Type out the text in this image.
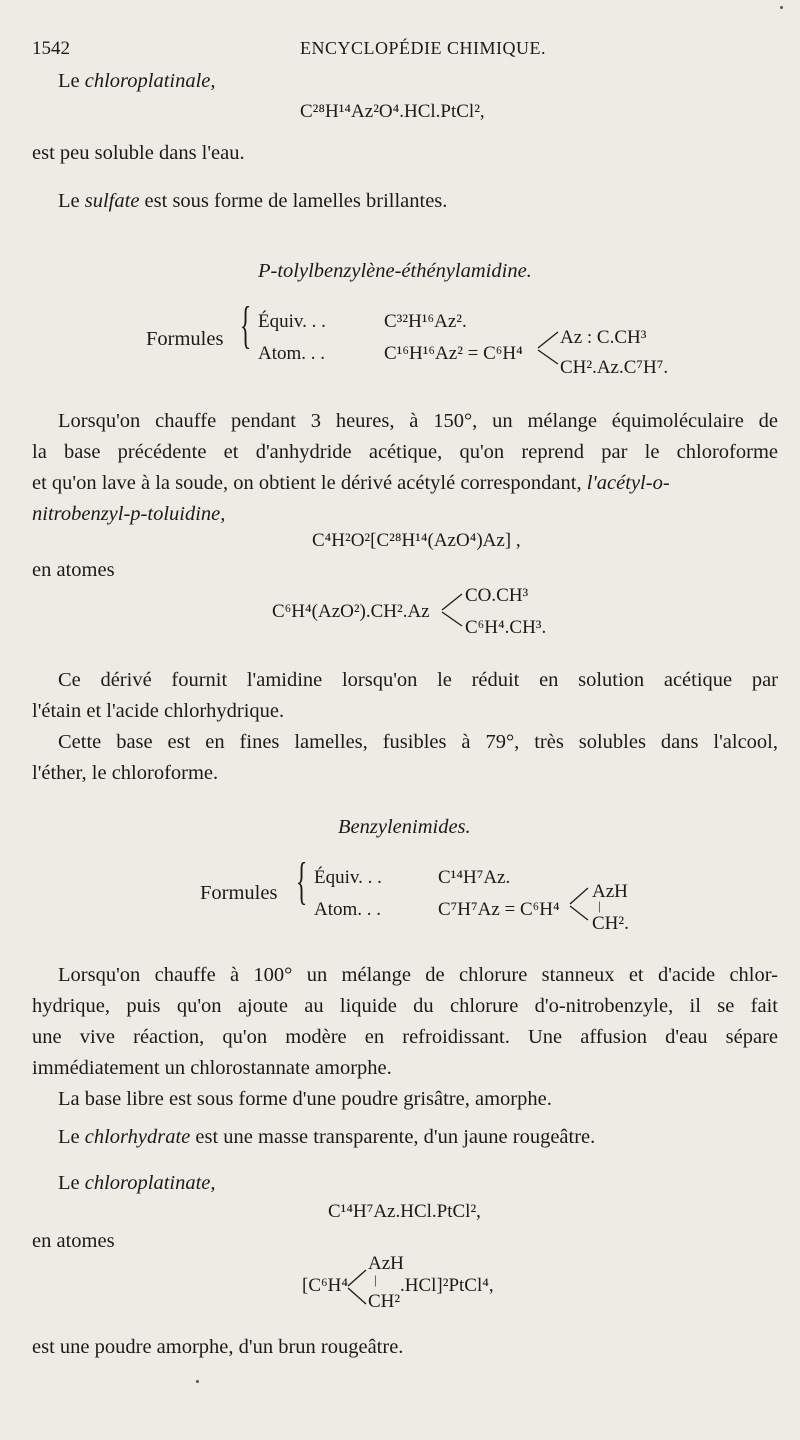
1542	ENCYCLOPÉDIE CHIMIQUE.
Le chloroplatinale,
C²⁸H¹⁴Az²O⁴.HCl.PtCl²,
est peu soluble dans l'eau.
Le sulfate est sous forme de lamelles brillantes.
P-tolylbenzylène-éthénylamidine.
Formules { Équiv. . .	C³²H¹⁶Az².
Atom. . .	C¹⁶H¹⁶Az² = C⁶H⁴
Az : C.CH³
CH².Az.C⁷H⁷.
Lorsqu'on chauffe pendant 3 heures, à 150°, un mélange équimoléculaire de
la base précédente et d'anhydride acétique, qu'on reprend par le chloroforme
et qu'on lave à la soude, on obtient le dérivé acétylé correspondant, l'acétyl-o-
nitrobenzyl-p-toluidine,
C⁴H²O²[C²⁸H¹⁴(AzO⁴)Az] ,
en atomes
C⁶H⁴(AzO²).CH².Az
CO.CH³
C⁶H⁴.CH³.
Ce dérivé fournit l'amidine lorsqu'on le réduit en solution acétique par
l'étain et l'acide chlorhydrique.
Cette base est en fines lamelles, fusibles à 79°, très solubles dans l'alcool,
l'éther, le chloroforme.
Benzylenimides.
Formules { Équiv. . .	C¹⁴H⁷Az.
Atom. . .	C⁷H⁷Az = C⁶H⁴
AzH
|
CH².
Lorsqu'on chauffe à 100° un mélange de chlorure stanneux et d'acide chlor-
hydrique, puis qu'on ajoute au liquide du chlorure d'o-nitrobenzyle, il se fait
une vive réaction, qu'on modère en refroidissant. Une affusion d'eau sépare
immédiatement un chlorostannate amorphe.
La base libre est sous forme d'une poudre grisâtre, amorphe.
Le chlorhydrate est une masse transparente, d'un jaune rougeâtre.
Le chloroplatinate,
C¹⁴H⁷Az.HCl.PtCl²,
en atomes
[C⁶H⁴
AzH
|
CH²
.HCl]²PtCl⁴,
est une poudre amorphe, d'un brun rougeâtre.
